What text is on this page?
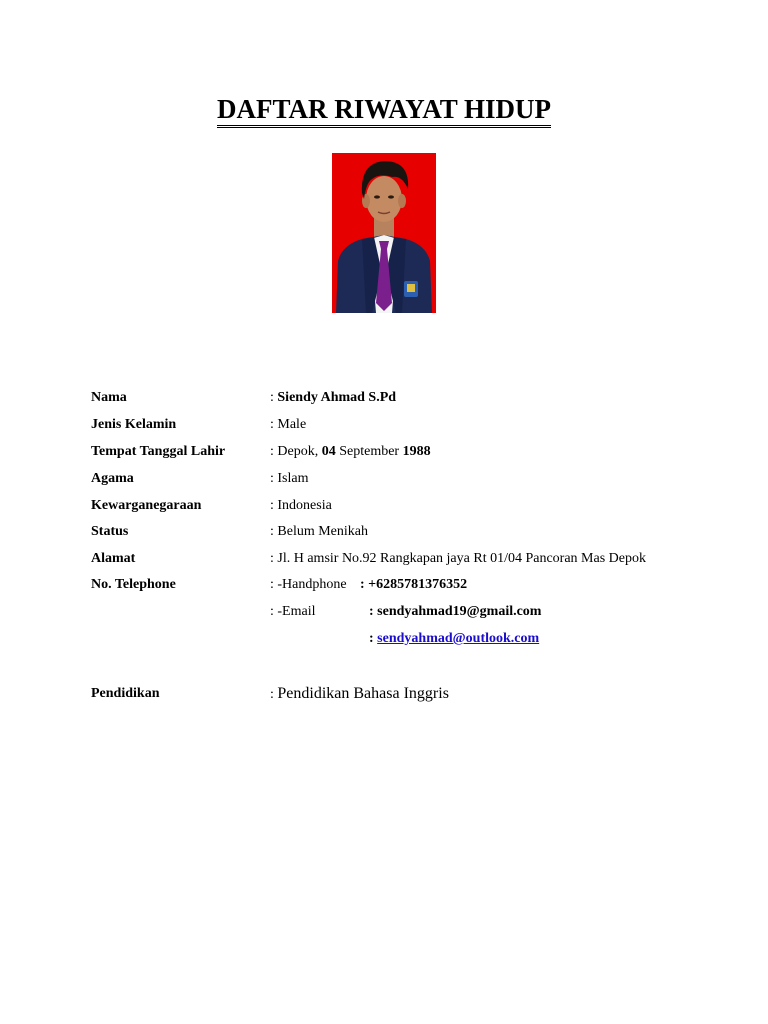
DAFTAR RIWAYAT HIDUP
Nama	: Siendy Ahmad S.Pd
Jenis Kelamin	: Male
Tempat Tanggal Lahir	: Depok, 04 September 1988
Agama	: Islam
Kewarganegaraan	: Indonesia
Status	: Belum Menikah
Alamat	: Jl. H amsir No.92 Rangkapan jaya Rt 01/04 Pancoran Mas Depok
No. Telephone	: -Handphone : +6285781376352
: -Email	: sendyahmad19@gmail.com
: sendyahmad@outlook.com
Pendidikan	: Pendidikan Bahasa Inggris
